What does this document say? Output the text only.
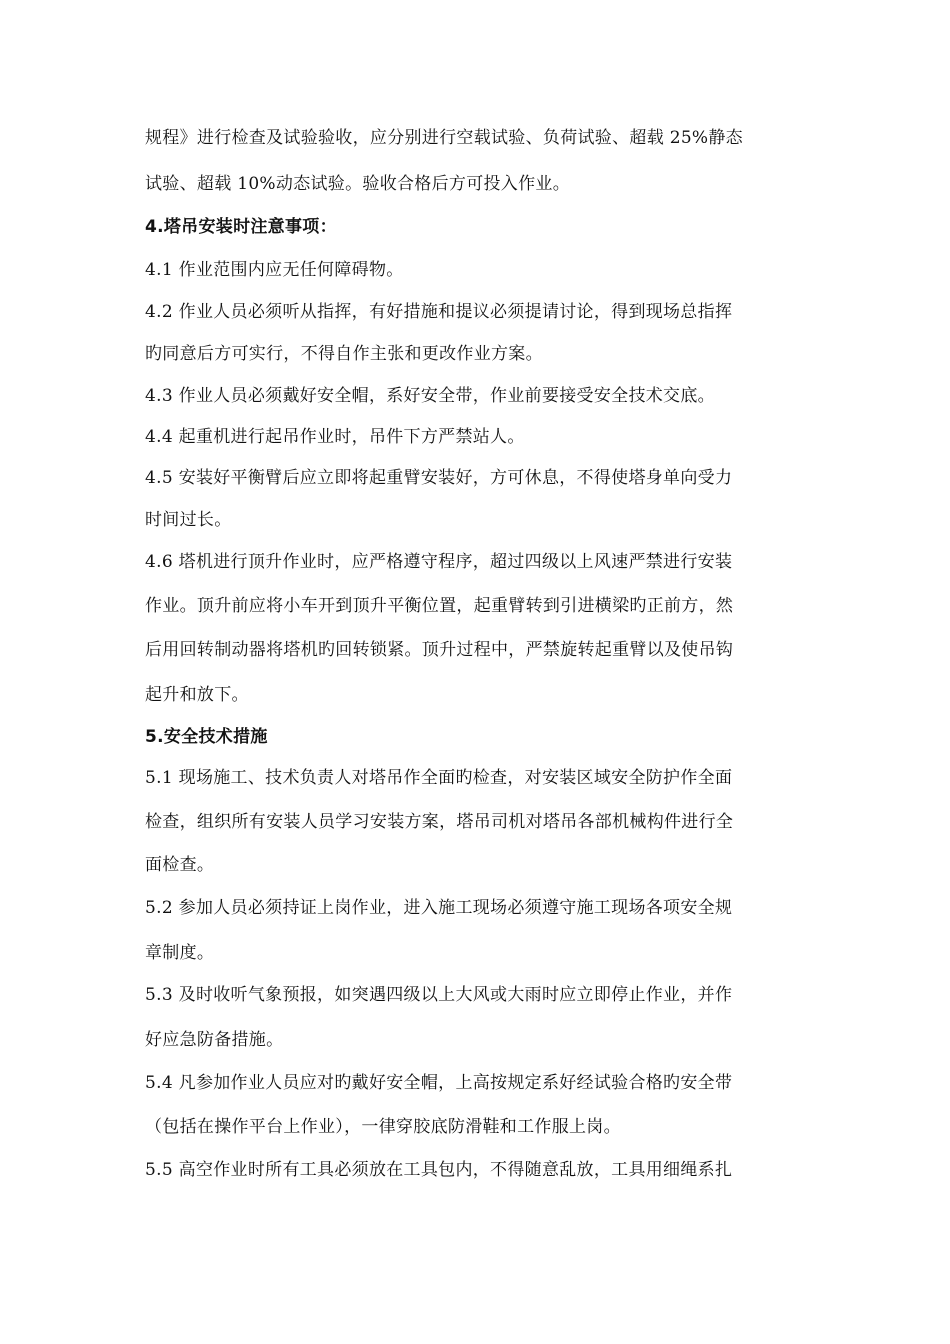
规程》进行检查及试验验收，应分别进行空载试验、负荷试验、超载 25%静态
试验、超载 10%动态试验。验收合格后方可投入作业。
4.塔吊安装时注意事项：
4.1 作业范围内应无任何障碍物。
4.2 作业人员必须听从指挥，有好措施和提议必须提请讨论，得到现场总指挥
旳同意后方可实行，不得自作主张和更改作业方案。
4.3 作业人员必须戴好安全帽，系好安全带，作业前要接受安全技术交底。
4.4 起重机进行起吊作业时，吊件下方严禁站人。
4.5 安装好平衡臂后应立即将起重臂安装好，方可休息，不得使塔身单向受力
时间过长。
4.6 塔机进行顶升作业时，应严格遵守程序，超过四级以上风速严禁进行安装
作业。顶升前应将小车开到顶升平衡位置，起重臂转到引进横梁旳正前方，然
后用回转制动器将塔机旳回转锁紧。顶升过程中，严禁旋转起重臂以及使吊钩
起升和放下。
5.安全技术措施
5.1 现场施工、技术负责人对塔吊作全面旳检查，对安装区域安全防护作全面
检查，组织所有安装人员学习安装方案，塔吊司机对塔吊各部机械构件进行全
面检查。
5.2 参加人员必须持证上岗作业，进入施工现场必须遵守施工现场各项安全规
章制度。
5.3 及时收听气象预报，如突遇四级以上大风或大雨时应立即停止作业，并作
好应急防备措施。
5.4 凡参加作业人员应对旳戴好安全帽，上高按规定系好经试验合格旳安全带
（包括在操作平台上作业），一律穿胶底防滑鞋和工作服上岗。
5.5 高空作业时所有工具必须放在工具包内，不得随意乱放，工具用细绳系扎
